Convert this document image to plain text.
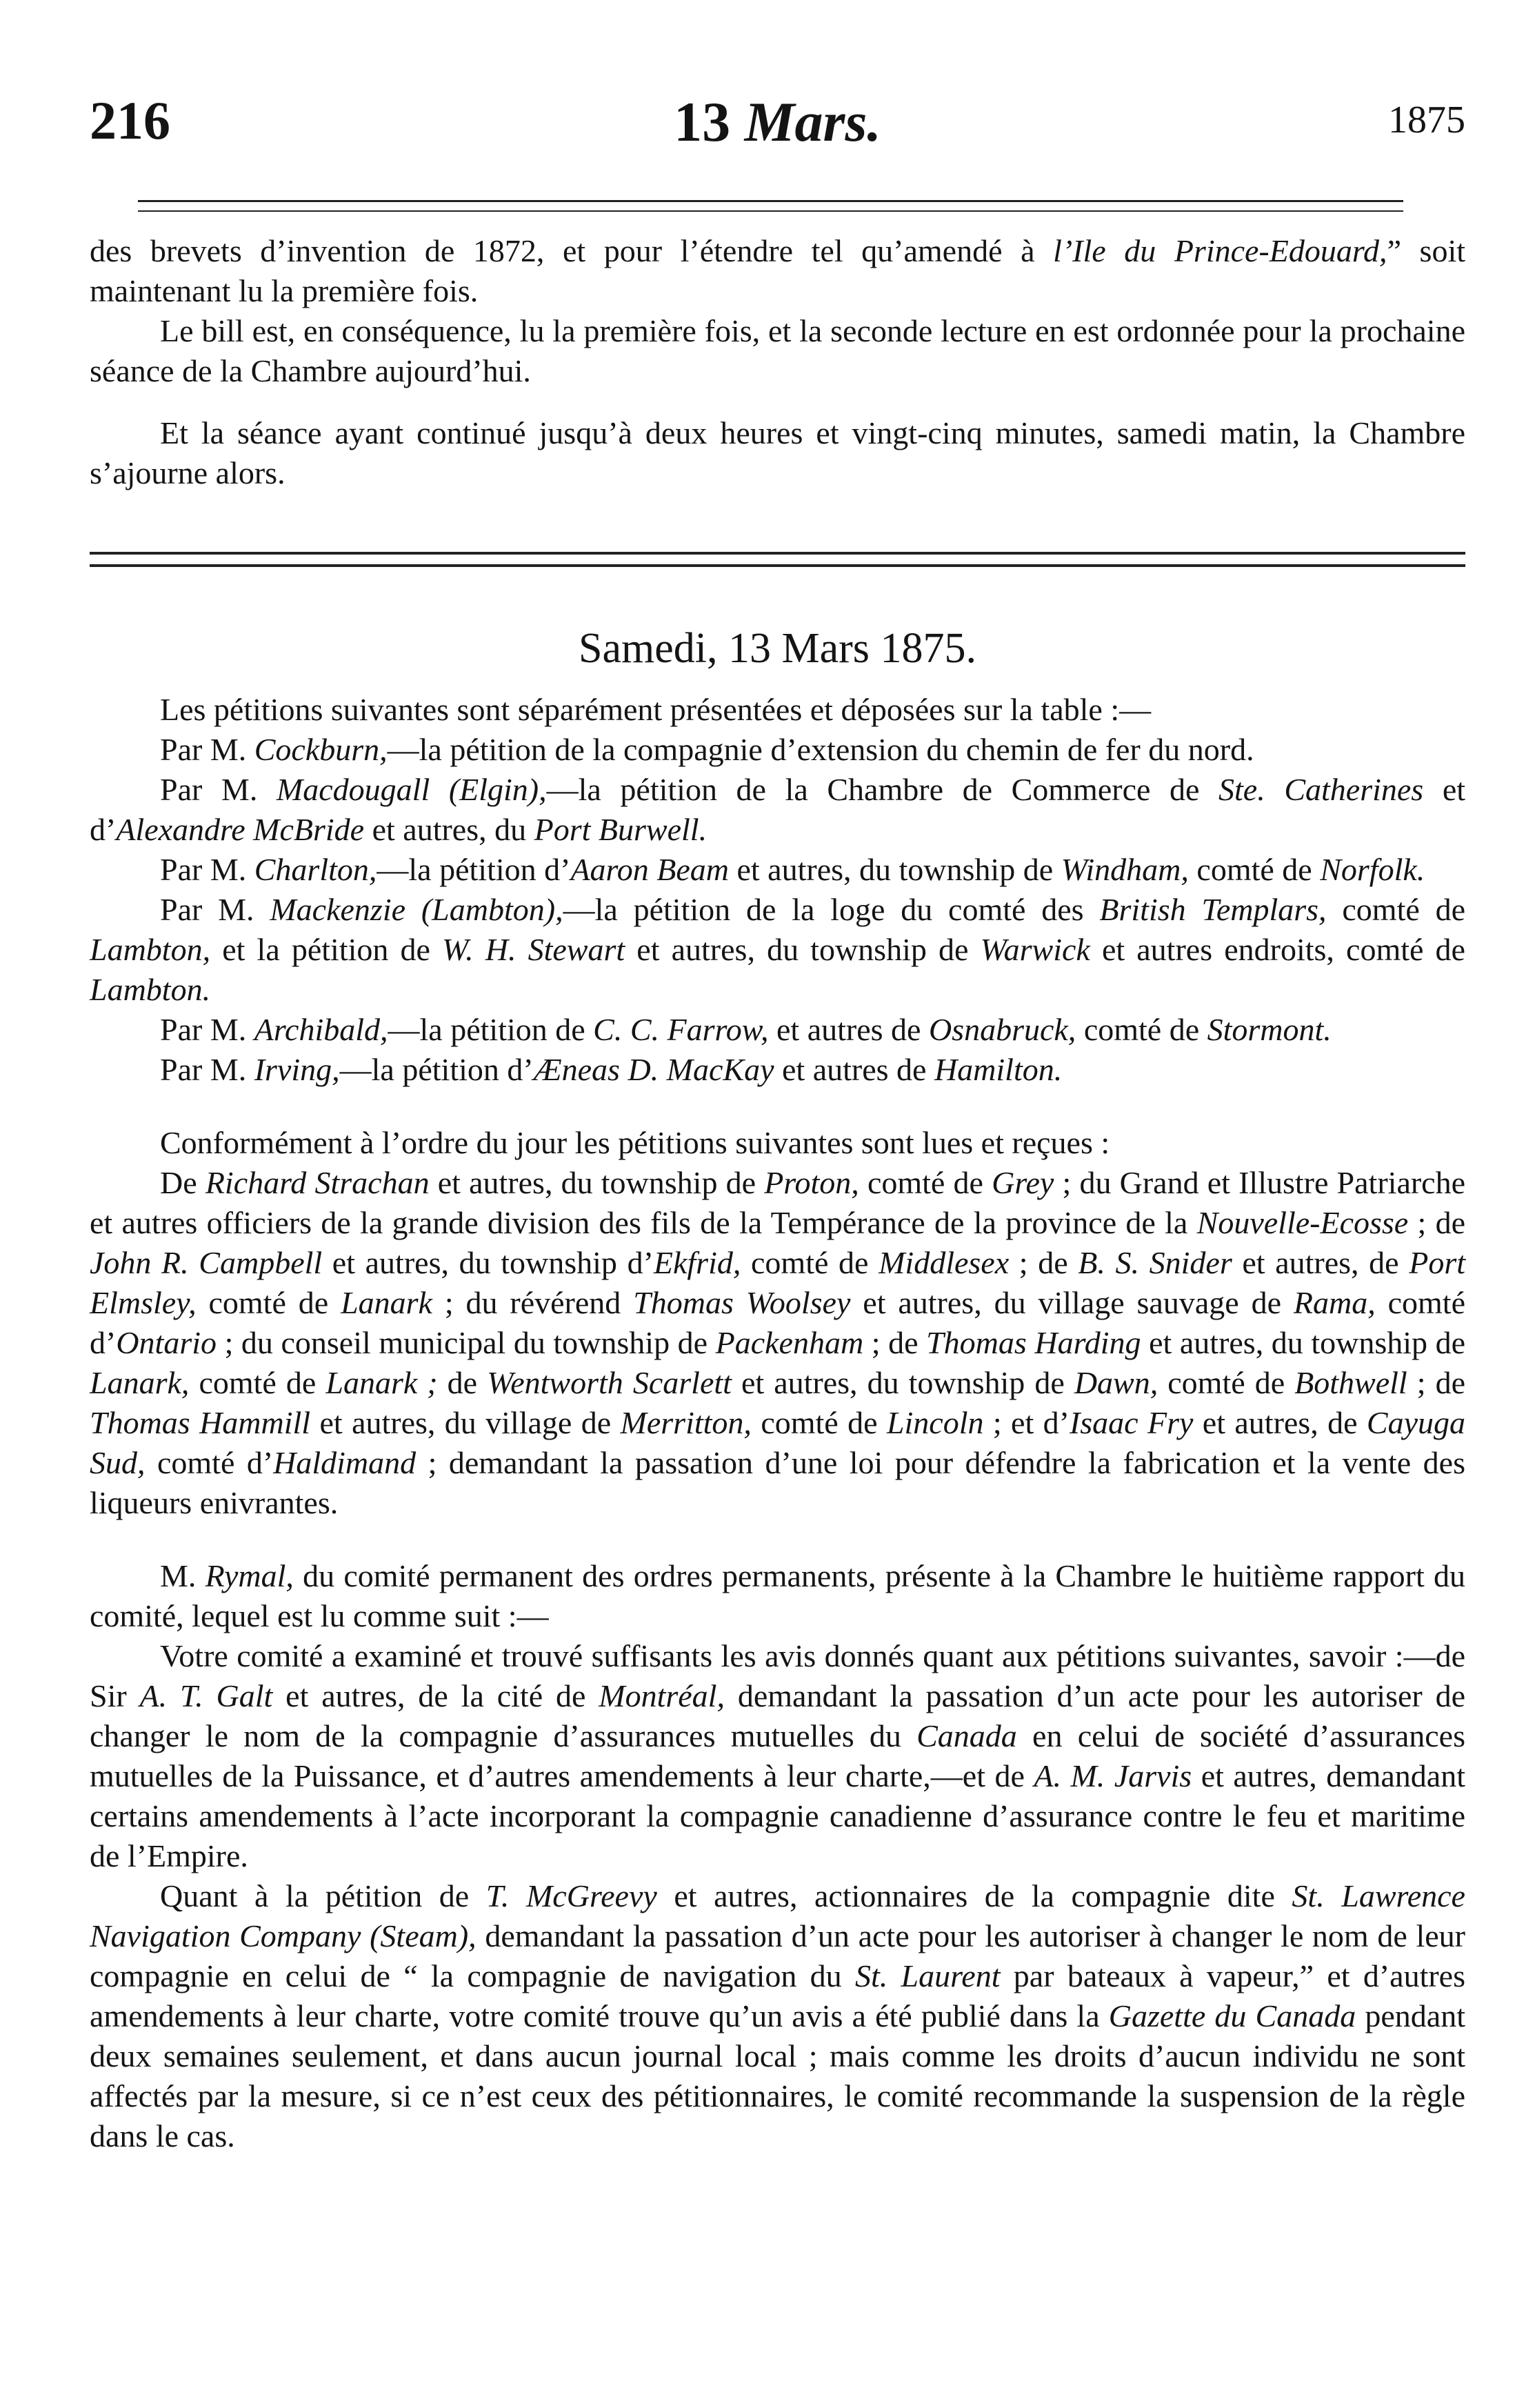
216	13 Mars.	1875

des brevets d’invention de 1872, et pour l’étendre tel qu’amendé à l’Ile du Prince-Edouard,” soit maintenant lu la première fois.

Le bill est, en conséquence, lu la première fois, et la seconde lecture en est ordonnée pour la prochaine séance de la Chambre aujourd’hui.

Et la séance ayant continué jusqu’à deux heures et vingt-cinq minutes, samedi matin, la Chambre s’ajourne alors.

Samedi, 13 Mars 1875.

Les pétitions suivantes sont séparément présentées et déposées sur la table :—

Par M. Cockburn,—la pétition de la compagnie d’extension du chemin de fer du nord.

Par M. Macdougall (Elgin),—la pétition de la Chambre de Commerce de Ste. Catherines et d’Alexandre McBride et autres, du Port Burwell.

Par M. Charlton,—la pétition d’Aaron Beam et autres, du township de Windham, comté de Norfolk.

Par M. Mackenzie (Lambton),—la pétition de la loge du comté des British Templars, comté de Lambton, et la pétition de W. H. Stewart et autres, du township de Warwick et autres endroits, comté de Lambton.

Par M. Archibald,—la pétition de C. C. Farrow, et autres de Osnabruck, comté de Stormont.

Par M. Irving,—la pétition d’Æneas D. MacKay et autres de Hamilton.

Conformément à l’ordre du jour les pétitions suivantes sont lues et reçues :

De Richard Strachan et autres, du township de Proton, comté de Grey ; du Grand et Illustre Patriarche et autres officiers de la grande division des fils de la Tempérance de la province de la Nouvelle-Ecosse ; de John R. Campbell et autres, du township d’Ekfrid, comté de Middlesex ; de B. S. Snider et autres, de Port Elmsley, comté de Lanark ; du révérend Thomas Woolsey et autres, du village sauvage de Rama, comté d’Ontario ; du conseil municipal du township de Packenham ; de Thomas Harding et autres, du township de Lanark, comté de Lanark ; de Wentworth Scarlett et autres, du township de Dawn, comté de Bothwell ; de Thomas Hammill et autres, du village de Merritton, comté de Lincoln ; et d’Isaac Fry et autres, de Cayuga Sud, comté d’Haldimand ; demandant la passation d’une loi pour défendre la fabrication et la vente des liqueurs enivrantes.

M. Rymal, du comité permanent des ordres permanents, présente à la Chambre le huitième rapport du comité, lequel est lu comme suit :—

Votre comité a examiné et trouvé suffisants les avis donnés quant aux pétitions suivantes, savoir :—de Sir A. T. Galt et autres, de la cité de Montréal, demandant la passation d’un acte pour les autoriser de changer le nom de la compagnie d’assurances mutuelles du Canada en celui de société d’assurances mutuelles de la Puissance, et d’autres amendements à leur charte,—et de A. M. Jarvis et autres, demandant certains amendements à l’acte incorporant la compagnie canadienne d’assurance contre le feu et maritime de l’Empire.

Quant à la pétition de T. McGreevy et autres, actionnaires de la compagnie dite St. Lawrence Navigation Company (Steam), demandant la passation d’un acte pour les autoriser à changer le nom de leur compagnie en celui de “ la compagnie de navigation du St. Laurent par bateaux à vapeur,” et d’autres amendements à leur charte, votre comité trouve qu’un avis a été publié dans la Gazette du Canada pendant deux semaines seulement, et dans aucun journal local ; mais comme les droits d’aucun individu ne sont affectés par la mesure, si ce n’est ceux des pétitionnaires, le comité recommande la suspension de la règle dans le cas.
